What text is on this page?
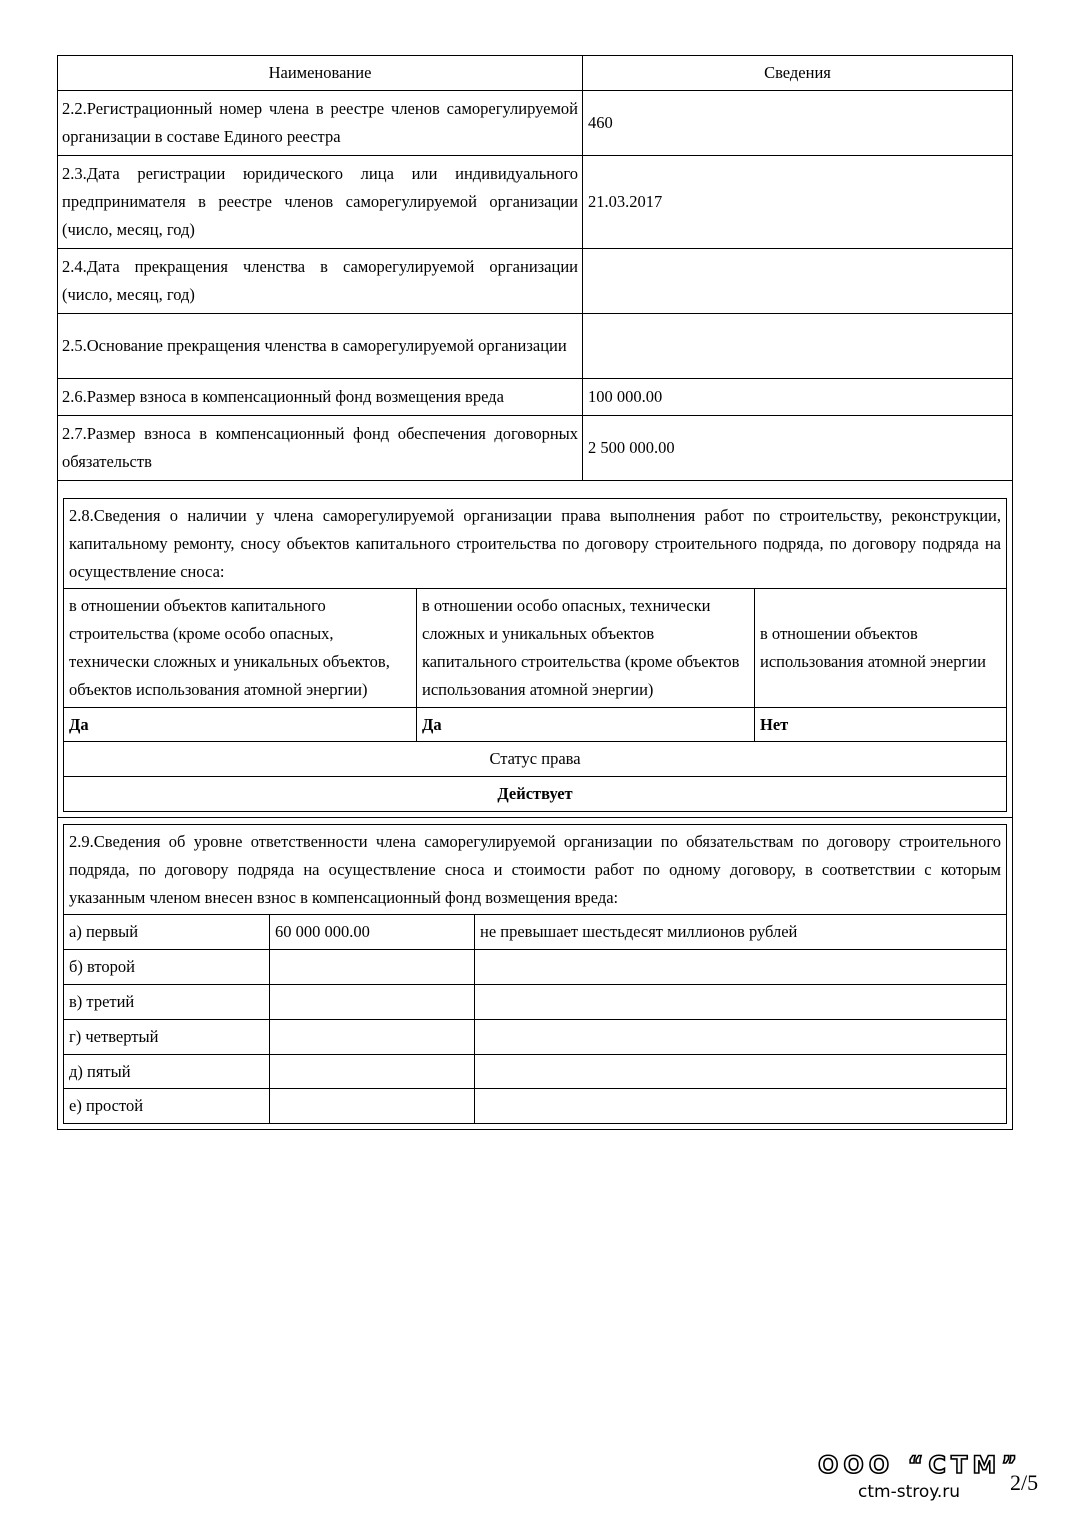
Наименование	Сведения
2.2.Регистрационный номер члена в реестре членов саморегулируемой организации в составе Единого реестра	460
2.3.Дата регистрации юридического лица или индивидуального предпринимателя в реестре членов саморегулируемой организации (число, месяц, год)	21.03.2017
2.4.Дата прекращения членства в саморегулируемой организации (число, месяц, год)	
2.5.Основание прекращения членства в саморегулируемой организации	
2.6.Размер взноса в компенсационный фонд возмещения вреда	100 000.00
2.7.Размер взноса в компенсационный фонд обеспечения договорных обязательств	2 500 000.00
2.8.Сведения о наличии у члена саморегулируемой организации права выполнения работ по строительству, реконструкции, капитальному ремонту, сносу объектов капитального строительства по договору строительного подряда, по договору подряда на осуществление сноса:		
в отношении объектов капитального строительства (кроме особо опасных, технически сложных и уникальных объектов, объектов использования атомной энергии)	в отношении особо опасных, технически сложных и уникальных объектов капитального строительства (кроме объектов использования атомной энергии)	в отношении объектов использования атомной энергии
Да	Да	Нет
Статус права		
Действует		
2.9.Сведения об уровне ответственности члена саморегулируемой организации по обязательствам по договору строительного подряда, по договору подряда на осуществление сноса и стоимости работ по одному договору, в соответствии с которым указанным членом внесен взнос в компенсационный фонд возмещения вреда:		
а) первый	60 000 000.00	не превышает шестьдесят миллионов рублей
б) второй		
в) третий		
г) четвертый		
д) пятый		
е) простой		
ООО “СТМ”
ctm-stroy.ru 2/5
